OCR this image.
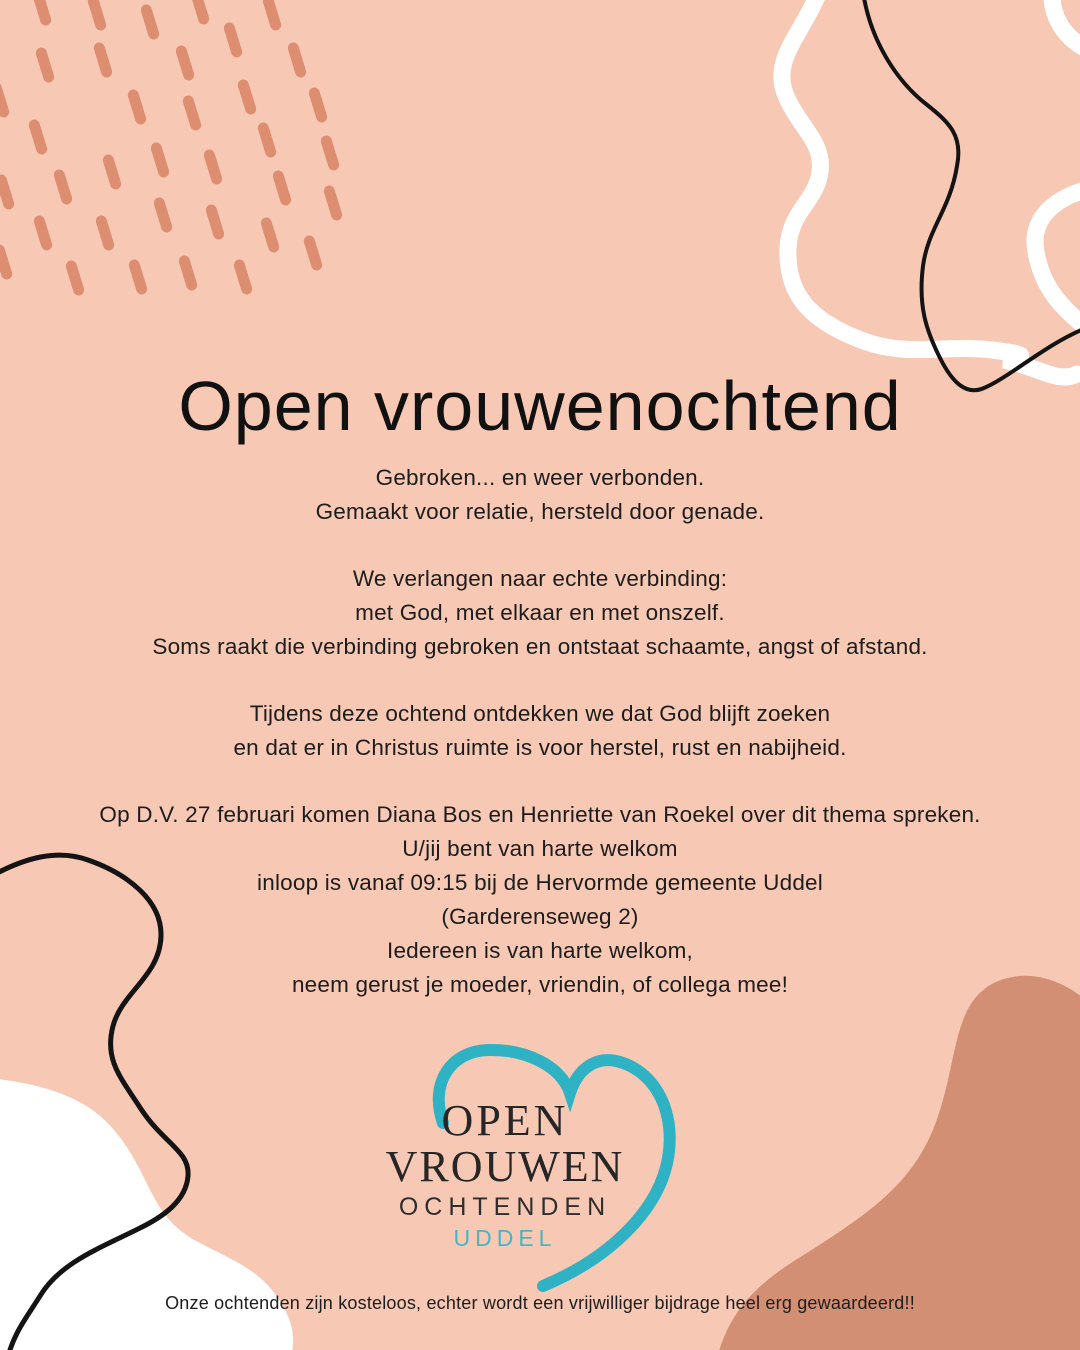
Open vrouwenochtend

Gebroken... en weer verbonden.
Gemaakt voor relatie, hersteld door genade.

We verlangen naar echte verbinding:
met God, met elkaar en met onszelf.
Soms raakt die verbinding gebroken en ontstaat schaamte, angst of afstand.

Tijdens deze ochtend ontdekken we dat God blijft zoeken
en dat er in Christus ruimte is voor herstel, rust en nabijheid.

Op D.V. 27 februari komen Diana Bos en Henriette van Roekel over dit thema spreken.
U/jij bent van harte welkom
inloop is vanaf 09:15 bij de Hervormde gemeente Uddel
(Garderenseweg 2)
Iedereen is van harte welkom,
neem gerust je moeder, vriendin, of collega mee!

OPEN
VROUWEN
OCHTENDEN
UDDEL
Onze ochtenden zijn kosteloos, echter wordt een vrijwilliger bijdrage heel erg gewaardeerd!!
